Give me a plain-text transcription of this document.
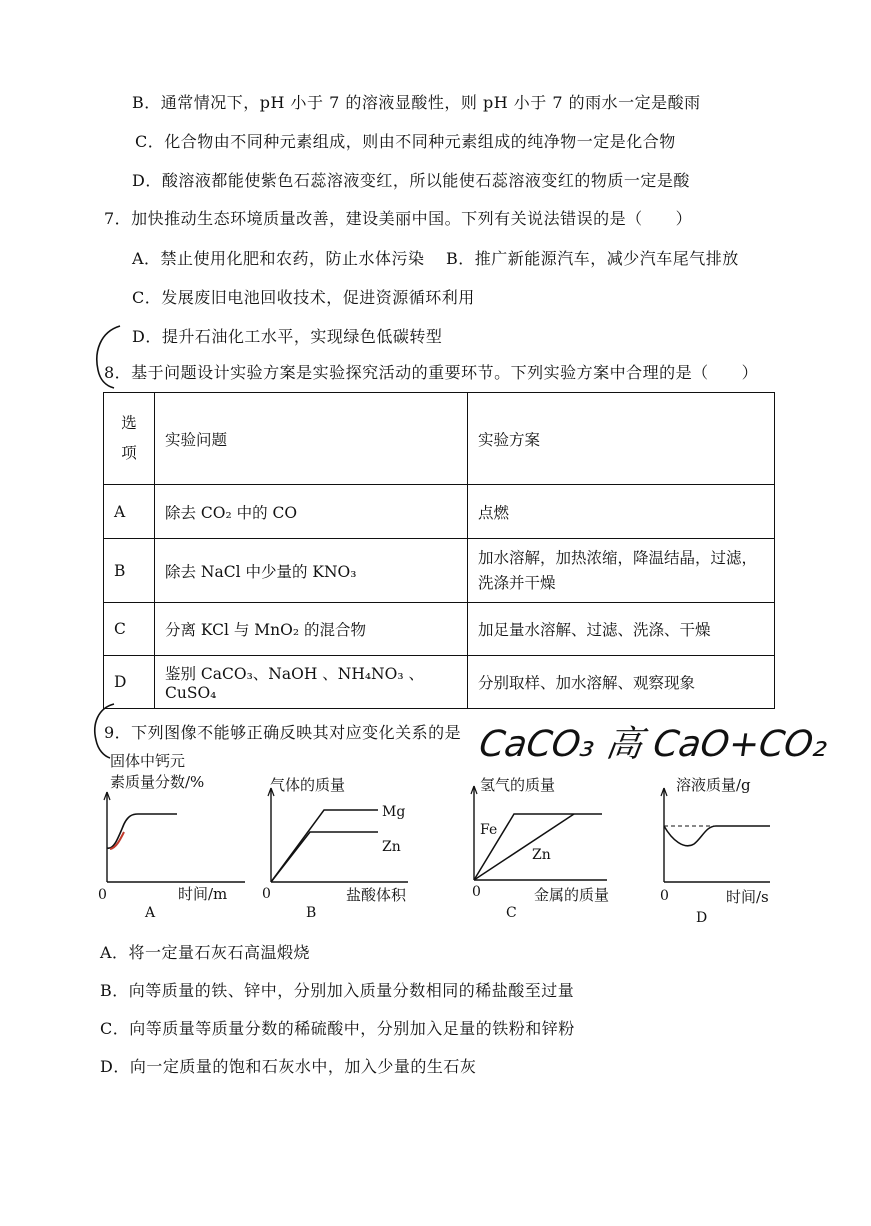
B．通常情况下，pH 小于 7 的溶液显酸性，则 pH 小于 7 的雨水一定是酸雨
C．化合物由不同种元素组成，则由不同种元素组成的纯净物一定是化合物
D．酸溶液都能使紫色石蕊溶液变红，所以能使石蕊溶液变红的物质一定是酸
7．加快推动生态环境质量改善，建设美丽中国。下列有关说法错误的是（　　）
A．禁止使用化肥和农药，防止水体污染 B．推广新能源汽车，减少汽车尾气排放
C．发展废旧电池回收技术，促进资源循环利用
D．提升石油化工水平，实现绿色低碳转型
8．基于问题设计实验方案是实验探究活动的重要环节。下列实验方案中合理的是（　　）
选
项	实验问题	实验方案
A	除去 CO₂ 中的 CO	点燃
B	除去 NaCl 中少量的 KNO₃	加水溶解，加热浓缩，降温结晶，过滤，洗涤并干燥
C	分离 KCl 与 MnO₂ 的混合物	加足量水溶解、过滤、洗涤、干燥
D	鉴别 CaCO₃、NaOH 、NH₄NO₃ 、CuSO₄	分别取样、加水溶解、观察现象
9．下列图像不能够正确反映其对应变化关系的是 CaCO₃ 高 CaO+CO₂
固体中钙元
素质量分数/%
0	时间/m
A
气体的质量
Mg
Zn
0	盐酸体积
B
氢气的质量
Fe
Zn
0	金属的质量
C
溶液质量/g
0	时间/s
D
A．将一定量石灰石高温煅烧
B．向等质量的铁、锌中，分别加入质量分数相同的稀盐酸至过量
C．向等质量等质量分数的稀硫酸中，分别加入足量的铁粉和锌粉
D．向一定质量的饱和石灰水中，加入少量的生石灰
